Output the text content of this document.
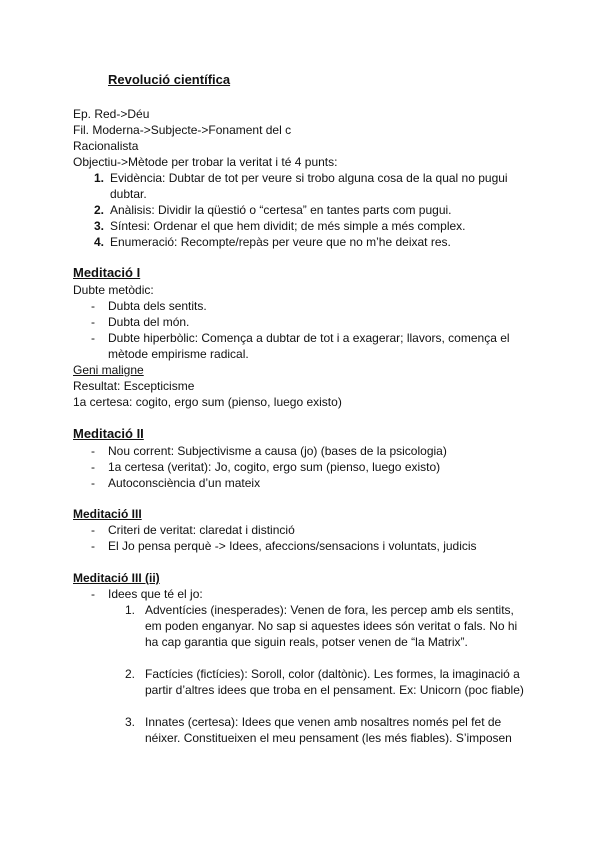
Revolució científica
Ep. Red->Déu
Fil. Moderna->Subjecte->Fonament del c
Racionalista
Objectiu->Mètode per trobar la veritat i té 4 punts:
1. Evidència: Dubtar de tot per veure si trobo alguna cosa de la qual no pugui
dubtar.
2. Anàlisis: Dividir la qüestió o “certesa” en tantes parts com pugui.
3. Síntesi: Ordenar el que hem dividit; de més simple a més complex.
4. Enumeració: Recompte/repàs per veure que no m’he deixat res.
Meditació I
Dubte metòdic:
- Dubta dels sentits.
- Dubta del món.
- Dubte hiperbòlic: Comença a dubtar de tot i a exagerar; llavors, comença el
mètode empirisme radical.
Geni maligne
Resultat: Escepticisme
1a certesa: cogito, ergo sum (pienso, luego existo)
Meditació II
- Nou corrent: Subjectivisme a causa (jo) (bases de la psicologia)
- 1a certesa (veritat): Jo, cogito, ergo sum (pienso, luego existo)
- Autoconsciència d’un mateix
Meditació III
- Criteri de veritat: claredat i distinció
- El Jo pensa perquè -> Idees, afeccions/sensacions i voluntats, judicis
Meditació III (ii)
- Idees que té el jo:
1. Adventícies (inesperades): Venen de fora, les percep amb els sentits,
em poden enganyar. No sap si aquestes idees són veritat o fals. No hi
ha cap garantia que siguin reals, potser venen de “la Matrix”.
2. Factícies (fictícies): Soroll, color (daltònic). Les formes, la imaginació a
partir d’altres idees que troba en el pensament. Ex: Unicorn (poc fiable)
3. Innates (certesa): Idees que venen amb nosaltres només pel fet de
néixer. Constitueixen el meu pensament (les més fiables). S’imposen
